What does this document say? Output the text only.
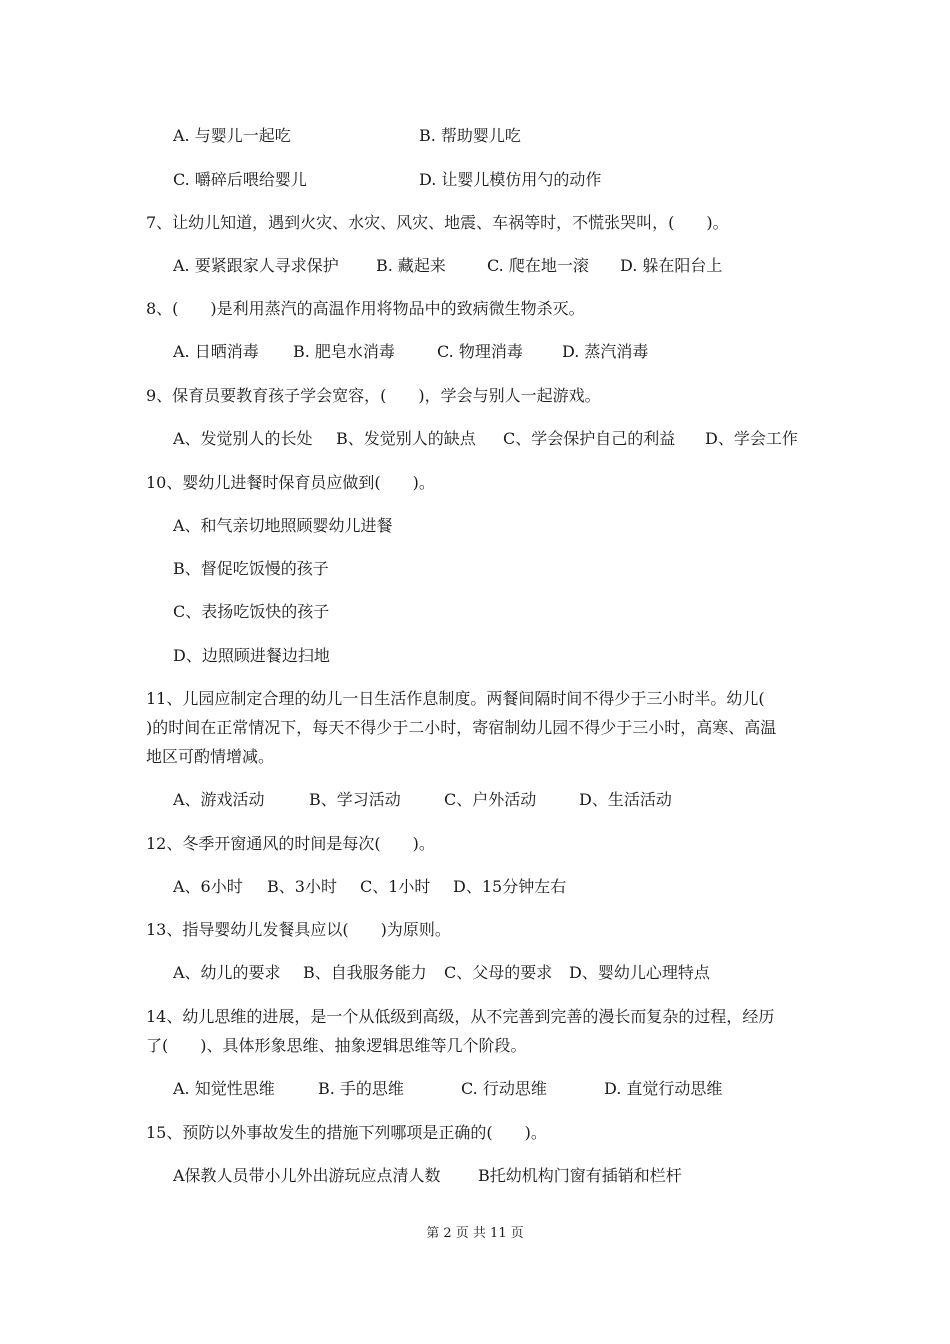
A. 与婴儿一起吃	B. 帮助婴儿吃
C. 嚼碎后喂给婴儿	D. 让婴儿模仿用勺的动作
7、让幼儿知道，遇到火灾、水灾、风灾、地震、车祸等时，不慌张哭叫，(　　)。
A. 要紧跟家人寻求保护 B. 藏起来	C. 爬在地一滚 D. 躲在阳台上
8、(　　)是利用蒸汽的高温作用将物品中的致病微生物杀灭。
A. 日晒消毒 B. 肥皂水消毒	C. 物理消毒 D. 蒸汽消毒
9、保育员要教育孩子学会宽容，(　　)，学会与别人一起游戏。
A、发觉别人的长处 B、发觉别人的缺点 C、学会保护自己的利益 D、学会工作
10、婴幼儿进餐时保育员应做到(　　)。
A、和气亲切地照顾婴幼儿进餐
B、督促吃饭慢的孩子
C、表扬吃饭快的孩子
D、边照顾进餐边扫地
11、儿园应制定合理的幼儿一日生活作息制度。两餐间隔时间不得少于三小时半。幼儿(
)的时间在正常情况下，每天不得少于二小时，寄宿制幼儿园不得少于三小时，高寒、高温
地区可酌情增减。
A、游戏活动	B、学习活动	C、户外活动	D、生活活动
12、冬季开窗通风的时间是每次(　　)。
A、6小时 B、3小时 C、1小时 D、15分钟左右
13、指导婴幼儿发餐具应以(　　)为原则。
A、幼儿的要求 B、自我服务能力 C、父母的要求 D、婴幼儿心理特点
14、幼儿思维的进展，是一个从低级到高级，从不完善到完善的漫长而复杂的过程，经历
了(　　)、具体形象思维、抽象逻辑思维等几个阶段。
A. 知觉性思维	B. 手的思维	C. 行动思维	D. 直觉行动思维
15、预防以外事故发生的措施下列哪项是正确的(　　)。
A保教人员带小儿外出游玩应点清人数 B托幼机构门窗有插销和栏杆
第 2 页 共 11 页
